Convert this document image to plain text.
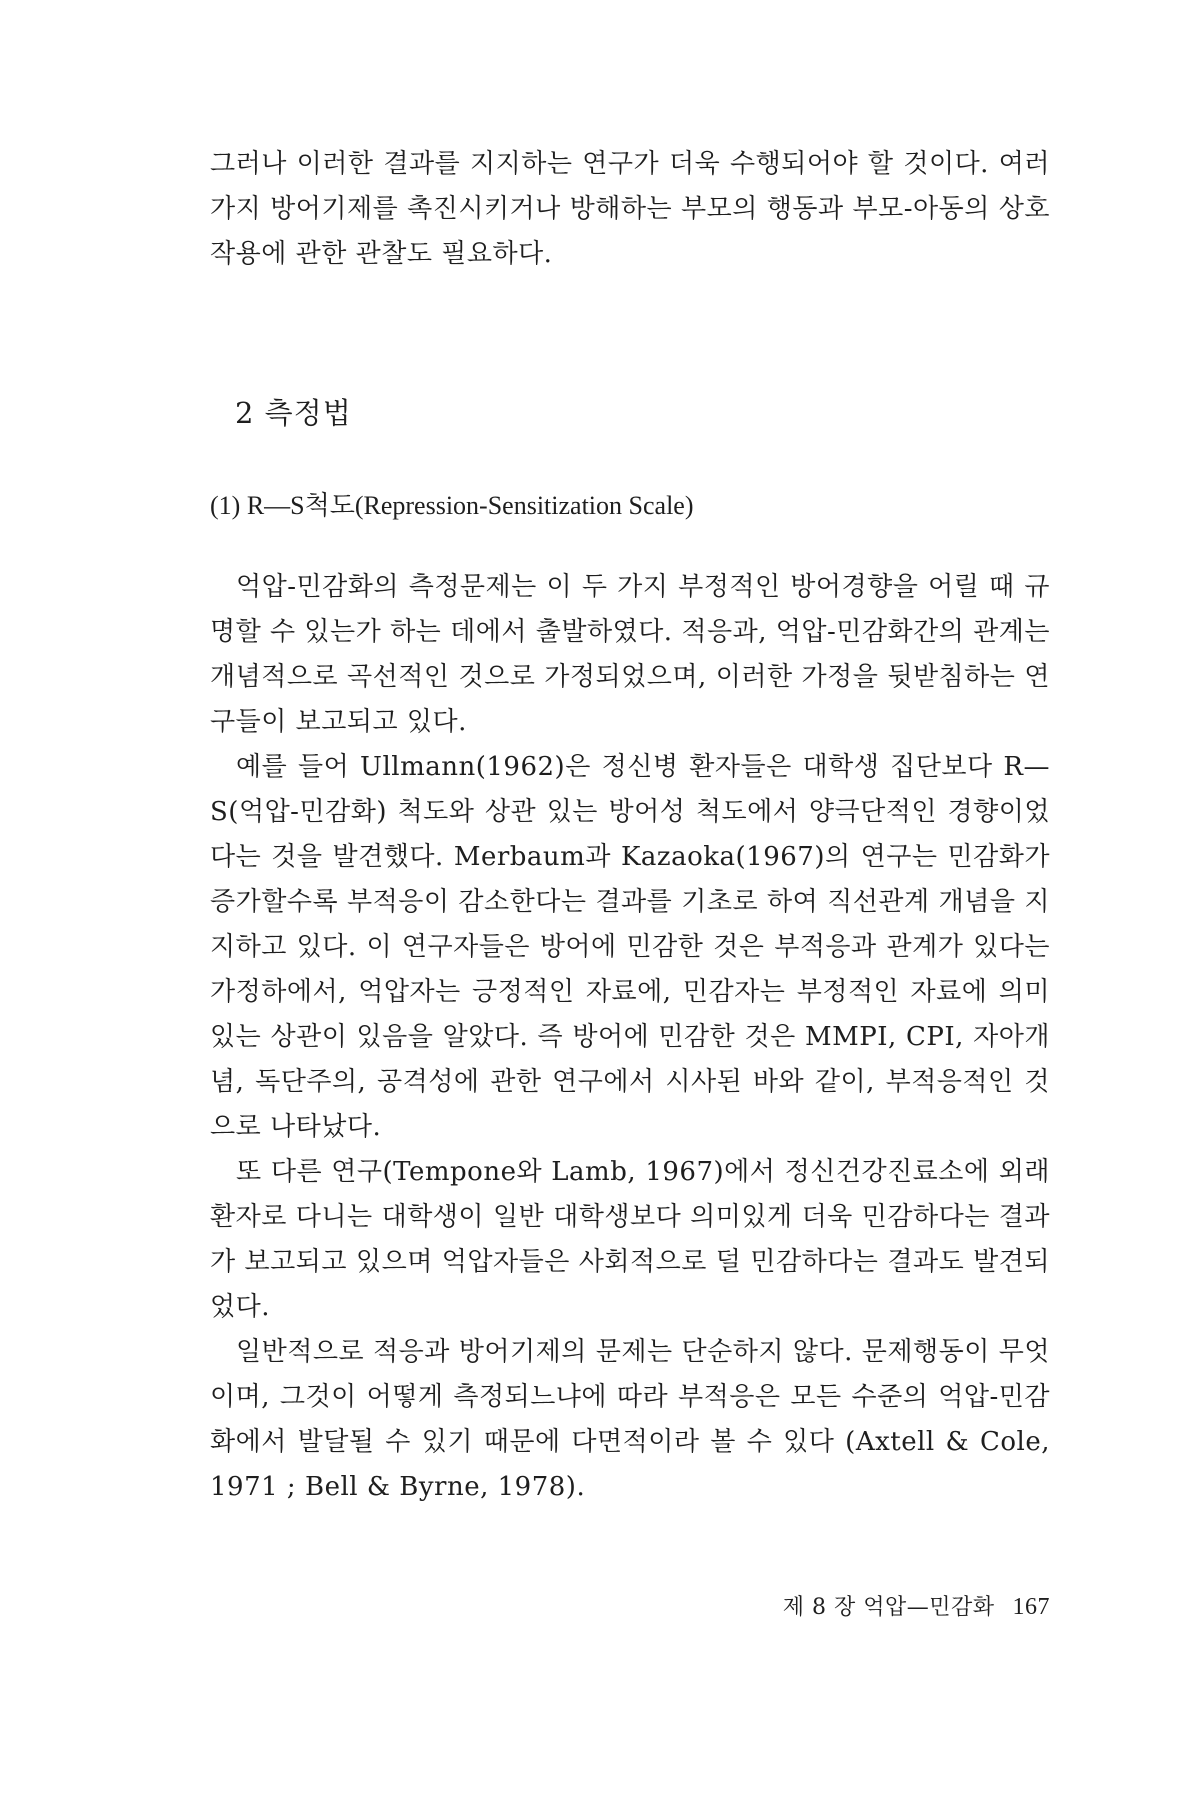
그러나 이러한 결과를 지지하는 연구가 더욱 수행되어야 할 것이다. 여러가지 방어기제를 촉진시키거나 방해하는 부모의 행동과 부모-아동의 상호작용에 관한 관찰도 필요하다.

2 측정법
(1) R—S척도(Repression-Sensitization Scale)

억압-민감화의 측정문제는 이 두 가지 부정적인 방어경향을 어릴 때 규명할 수 있는가 하는 데에서 출발하였다. 적응과, 억압-민감화간의 관계는 개념적으로 곡선적인 것으로 가정되었으며, 이러한 가정을 뒷받침하는 연구들이 보고되고 있다.

예를 들어 Ullmann(1962)은 정신병 환자들은 대학생 집단보다 R—S(억압-민감화) 척도와 상관 있는 방어성 척도에서 양극단적인 경향이었다는 것을 발견했다. Merbaum과 Kazaoka(1967)의 연구는 민감화가 증가할수록 부적응이 감소한다는 결과를 기초로 하여 직선관계 개념을 지지하고 있다. 이 연구자들은 방어에 민감한 것은 부적응과 관계가 있다는 가정하에서, 억압자는 긍정적인 자료에, 민감자는 부정적인 자료에 의미있는 상관이 있음을 알았다. 즉 방어에 민감한 것은 MMPI, CPI, 자아개념, 독단주의, 공격성에 관한 연구에서 시사된 바와 같이, 부적응적인 것으로 나타났다.

또 다른 연구(Tempone와 Lamb, 1967)에서 정신건강진료소에 외래환자로 다니는 대학생이 일반 대학생보다 의미있게 더욱 민감하다는 결과가 보고되고 있으며 억압자들은 사회적으로 덜 민감하다는 결과도 발견되었다.

일반적으로 적응과 방어기제의 문제는 단순하지 않다. 문제행동이 무엇이며, 그것이 어떻게 측정되느냐에 따라 부적응은 모든 수준의 억압-민감화에서 발달될 수 있기 때문에 다면적이라 볼 수 있다 (Axtell & Cole, 1971 ; Bell & Byrne, 1978).

제 8 장 억압—민감화 167
